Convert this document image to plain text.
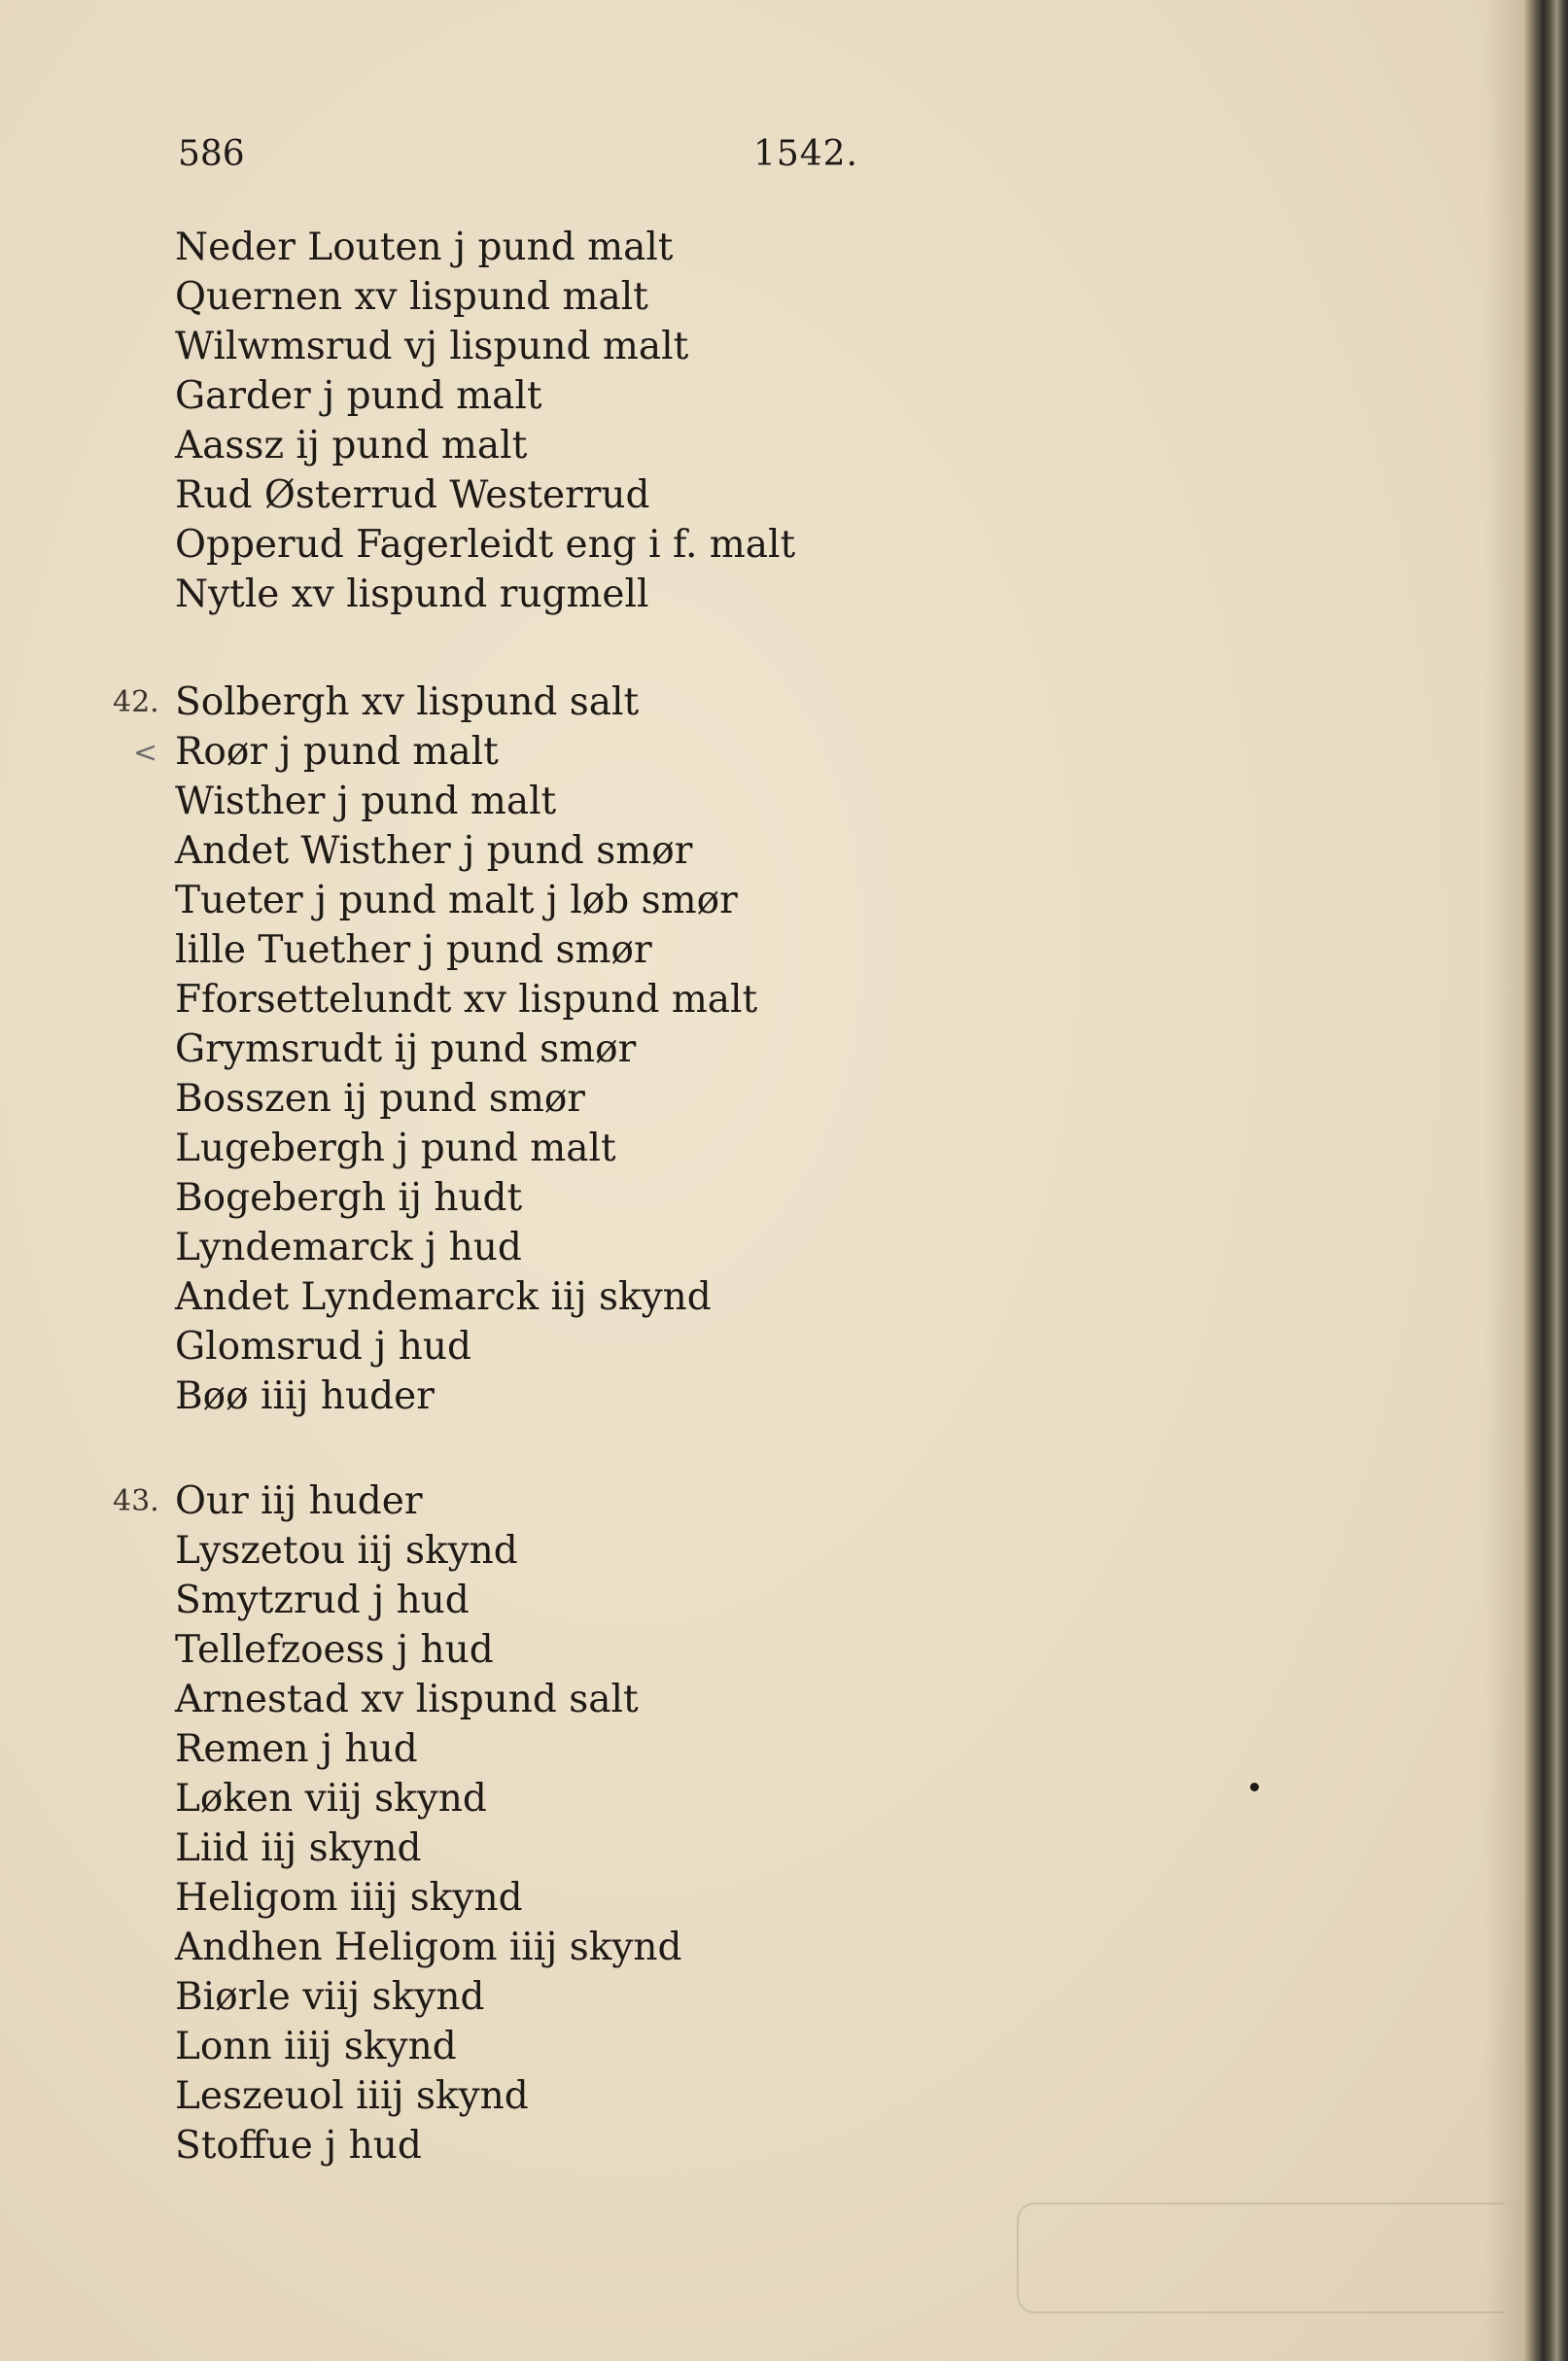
586	1542.
Neder Louten j pund malt
Quernen xv lispund malt
Wilwmsrud vj lispund malt
Garder j pund malt
Aassz ij pund malt
Rud Østerrud Westerrud
Opperud Fagerleidt eng i f. malt
Nytle xv lispund rugmell
42.
<
Solbergh xv lispund salt
Roør j pund malt
Wisther j pund malt
Andet Wisther j pund smør
Tueter j pund malt j løb smør
lille Tuether j pund smør
Fforsettelundt xv lispund malt
Grymsrudt ij pund smør
Bosszen ij pund smør
Lugebergh j pund malt
Bogebergh ij hudt
Lyndemarck j hud
Andet Lyndemarck iij skynd
Glomsrud j hud
Bøø iiij huder
43. Our iij huder
Lyszetou iij skynd
Smytzrud j hud
Tellefzoess j hud
Arnestad xv lispund salt
Remen j hud
Løken viij skynd
Liid iij skynd
Heligom iiij skynd
Andhen Heligom iiij skynd
Biørle viij skynd
Lonn iiij skynd
Leszeuol iiij skynd
Stoffue j hud
